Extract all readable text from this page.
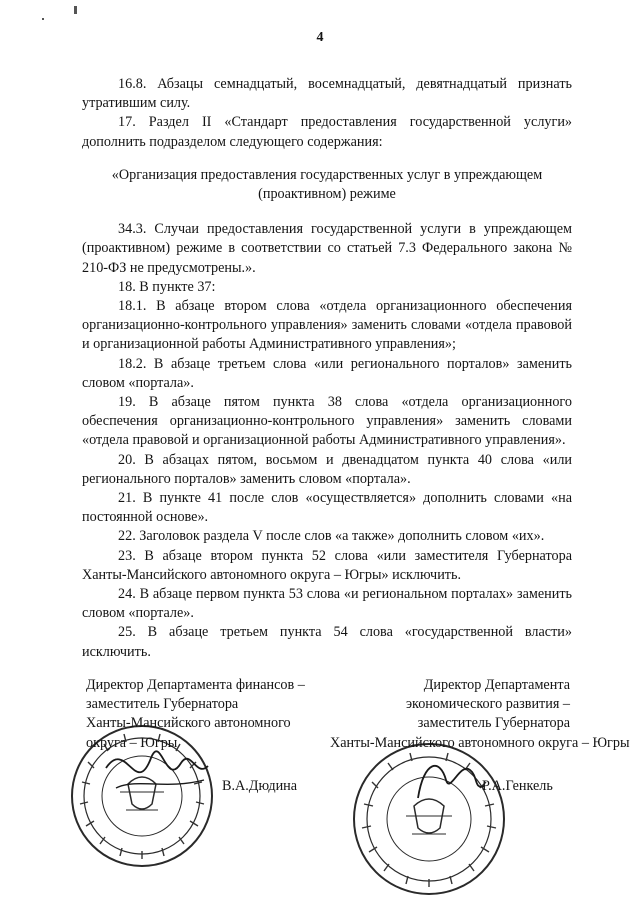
4

16.8. Абзацы семнадцатый, восемнадцатый, девятнадцатый признать утратившим силу.

17. Раздел II «Стандарт предоставления государственной услуги» дополнить подразделом следующего содержания:

«Организация предоставления государственных услуг в упреждающем (проактивном) режиме

34.3. Случаи предоставления государственной услуги в упреждающем (проактивном) режиме в соответствии со статьей 7.3 Федерального закона № 210-ФЗ не предусмотрены.».

18. В пункте 37:

18.1. В абзаце втором слова «отдела организационного обеспечения организационно-контрольного управления» заменить словами «отдела правовой и организационной работы Административного управления»;

18.2. В абзаце третьем слова «или регионального порталов» заменить словом «портала».

19. В абзаце пятом пункта 38 слова «отдела организационного обеспечения организационно-контрольного управления» заменить словами «отдела правовой и организационной работы Административного управления».

20. В абзацах пятом, восьмом и двенадцатом пункта 40 слова «или регионального порталов» заменить словом «портала».

21. В пункте 41 после слов «осуществляется» дополнить словами «на постоянной основе».

22. Заголовок раздела V после слов «а также» дополнить словом «их».

23. В абзаце втором пункта 52 слова «или заместителя Губернатора Ханты-Мансийского автономного округа – Югры» исключить.

24. В абзаце первом пункта 53 слова «и региональном порталах» заменить словом «портале».

25. В абзаце третьем пункта 54 слова «государственной власти» исключить.

Директор Департамента финансов –
заместитель Губернатора
Ханты-Мансийского автономного
округа – Югры
В.А.Дюдина
Директор Департамента
экономического развития –
заместитель Губернатора
Ханты-Мансийского автономного округа – Югры
Р.А.Генкель
